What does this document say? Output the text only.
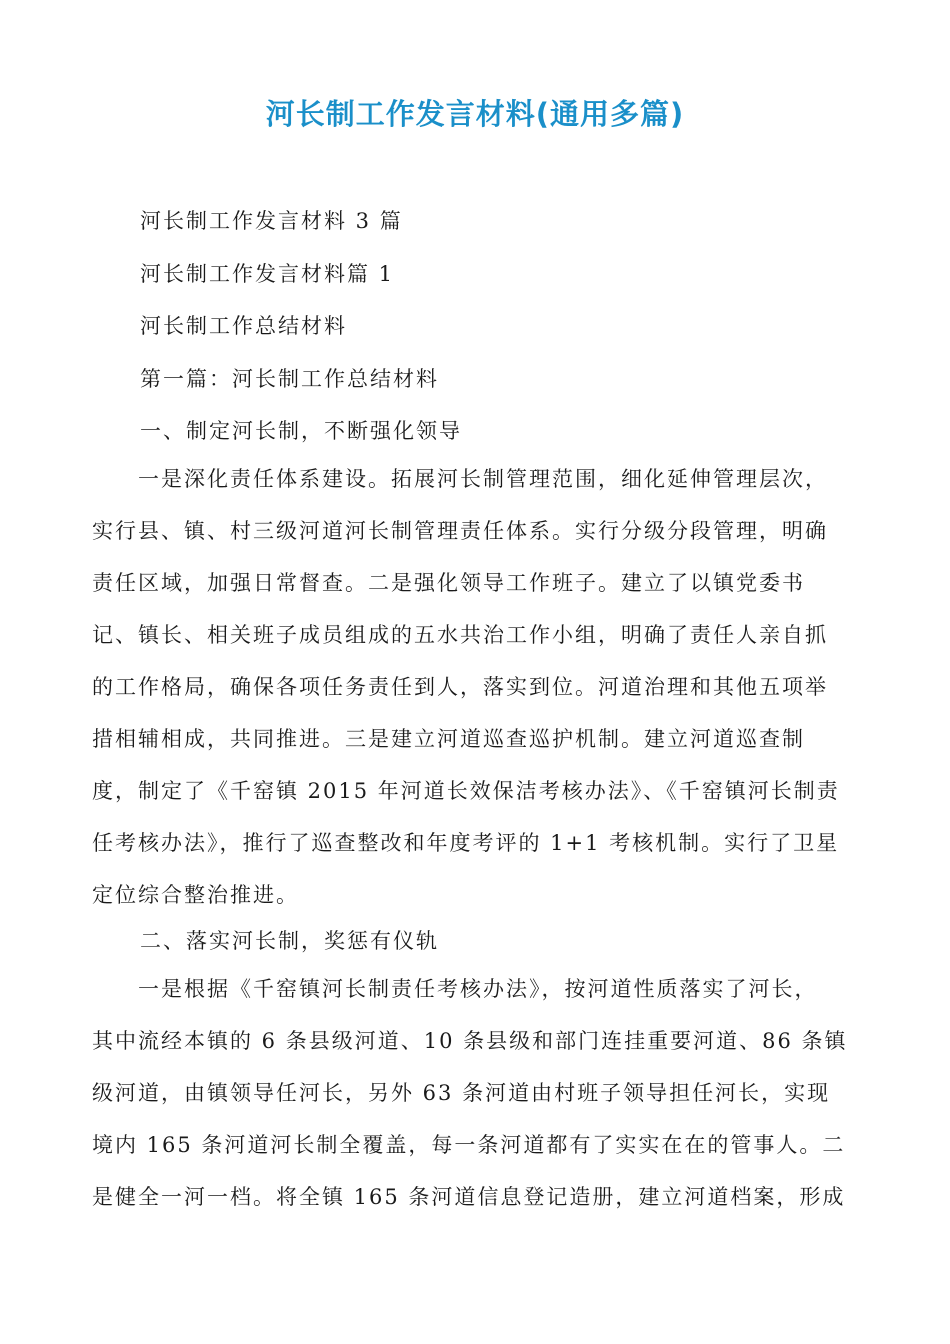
河长制工作发言材料(通用多篇)
河长制工作发言材料 3 篇
河长制工作发言材料篇 1
河长制工作总结材料
第一篇：河长制工作总结材料
一、制定河长制，不断强化领导
　　一是深化责任体系建设。拓展河长制管理范围，细化延伸管理层次，
实行县、镇、村三级河道河长制管理责任体系。实行分级分段管理，明确
责任区域，加强日常督查。二是强化领导工作班子。建立了以镇党委书
记、镇长、相关班子成员组成的五水共治工作小组，明确了责任人亲自抓
的工作格局，确保各项任务责任到人，落实到位。河道治理和其他五项举
措相辅相成，共同推进。三是建立河道巡查巡护机制。建立河道巡查制
度，制定了《千窑镇 2015 年河道长效保洁考核办法》、《千窑镇河长制责
任考核办法》，推行了巡查整改和年度考评的 1+1 考核机制。实行了卫星
定位综合整治推进。
二、落实河长制，奖惩有仪轨
　　一是根据《千窑镇河长制责任考核办法》，按河道性质落实了河长，
其中流经本镇的 6 条县级河道、10 条县级和部门连挂重要河道、86 条镇
级河道，由镇领导任河长，另外 63 条河道由村班子领导担任河长，实现
境内 165 条河道河长制全覆盖，每一条河道都有了实实在在的管事人。二
是健全一河一档。将全镇 165 条河道信息登记造册，建立河道档案，形成
